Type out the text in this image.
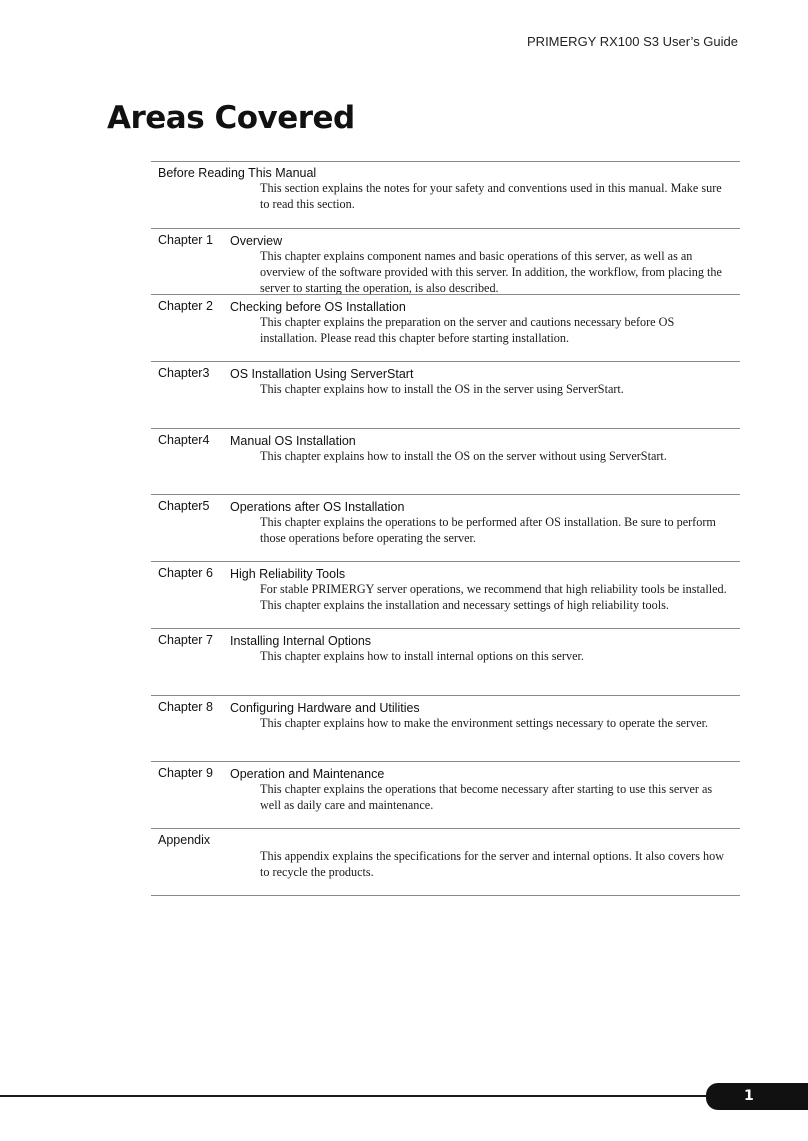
PRIMERGY RX100 S3 User’s Guide
Areas Covered
Before Reading This Manual

This section explains the notes for your safety and conventions used in this manual. Make sure to read this section.

Chapter 1 Overview

This chapter explains component names and basic operations of this server, as well as an overview of the software provided with this server. In addition, the workflow, from placing the server to starting the operation, is also described.

Chapter 2 Checking before OS Installation

This chapter explains the preparation on the server and cautions necessary before OS installation. Please read this chapter before starting installation.

Chapter3 OS Installation Using ServerStart

This chapter explains how to install the OS in the server using ServerStart.

Chapter4 Manual OS Installation

This chapter explains how to install the OS on the server without using ServerStart.

Chapter5 Operations after OS Installation

This chapter explains the operations to be performed after OS installation. Be sure to perform those operations before operating the server.

Chapter 6 High Reliability Tools

For stable PRIMERGY server operations, we recommend that high reliability tools be installed. This chapter explains the installation and necessary settings of high reliability tools.

Chapter 7 Installing Internal Options

This chapter explains how to install internal options on this server.

Chapter 8 Configuring Hardware and Utilities

This chapter explains how to make the environment settings necessary to operate the server.

Chapter 9 Operation and Maintenance

This chapter explains the operations that become necessary after starting to use this server as well as daily care and maintenance.

Appendix

This appendix explains the specifications for the server and internal options. It also covers how to recycle the products.

1
